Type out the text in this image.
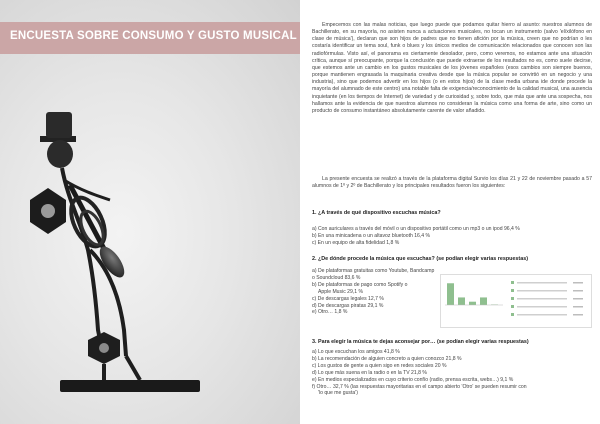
ENCUESTA SOBRE CONSUMO Y GUSTO MUSICAL
Empecemos con las malas noticias, que luego puede que podamos quitar hierro al asunto: nuestros alumnos de Bachillerato, en su mayoría, no asisten nunca a actuaciones musicales, no tocan un instrumento (salvo 'el/xilófono en clase de música'), declaran que son hijos de padres que no tienen afición por la música, creen que no podrían o les costaría identificar un tema soul, funk o blues y los únicos medios de comunicación relacionados que conocen son las radiofórmulas. Visto así, el panorama es ciertamente desolador, pero, como veremos, no estamos ante una situación crítica, aunque sí preocupante, porque la conclusión que puede extraerse de los resultados no es, como suele decirse, que estemos ante un cambio en los gustos musicales de los jóvenes españoles (esos cambios son siempre buenos, porque mantienen engrasada la maquinaria creativa desde que la música popular se convirtió en un negocio y una industria), sino que podemos advertir en los hijos (o en estos hijos) de la clase media urbana ide donde procede la mayoría del alumnado de este centro) una notable falta de exigencia/reconocimiento de la calidad musical, una ausencia inquietante (en los tiempos de Internet) de variedad y de curiosidad y, sobre todo, que más que ante una sospecha, nos hallamos ante la evidencia de que nuestros alumnos no consideran la música como una forma de arte, sino como un producto de consumo instantáneo absolutamente carente de valor añadido.
La presente encuesta se realizó a través de la plataforma digital Survio los días 21 y 22 de noviembre pasado a 57 alumnos de 1º y 2º de Bachillerato y los principales resultados fueron los siguientes:
1. ¿A través de qué dispositivo escuchas música?
a) Con auriculares a través del móvil o un dispositivo portátil como un mp3 o un ipod 96,4 %
b) En una minicadena o un altavoz bluetooth 16,4 %
c) En un equipo de alta fidelidad 1,8 %
2. ¿De dónde procede la música que escuchas? (se podían elegir varias respuestas)
a) De plataformas gratuitas como Youtube, Bandcamp
o Soundcloud 83,6 %
b) De plataformas de pago como Spotify o
Apple Music 29,1 %
c) De descargas legales 12,7 %
d) De descargas piratas 29,1 %
e) Otro… 1,8 %
3. Para elegir la música te dejas aconsejar por… (se podían elegir varias respuestas)
a) Lo que escuchan los amigos 41,8 %
b) La recomendación de alguien concreto a quien conozco 21,8 %
c) Los gustos de gente a quien sigo en redes sociales 20 %
d) Lo que más suena en la radio o en la TV 21,8 %
e) En medios especializados en cuyo criterio confío (radio, prensa escrita, webs…) 9,1 %
f) Otro… 32,7 % (las respuestas mayoritarias en el campo abierto 'Otro' se pueden resumir con
'lo que me gusta')
